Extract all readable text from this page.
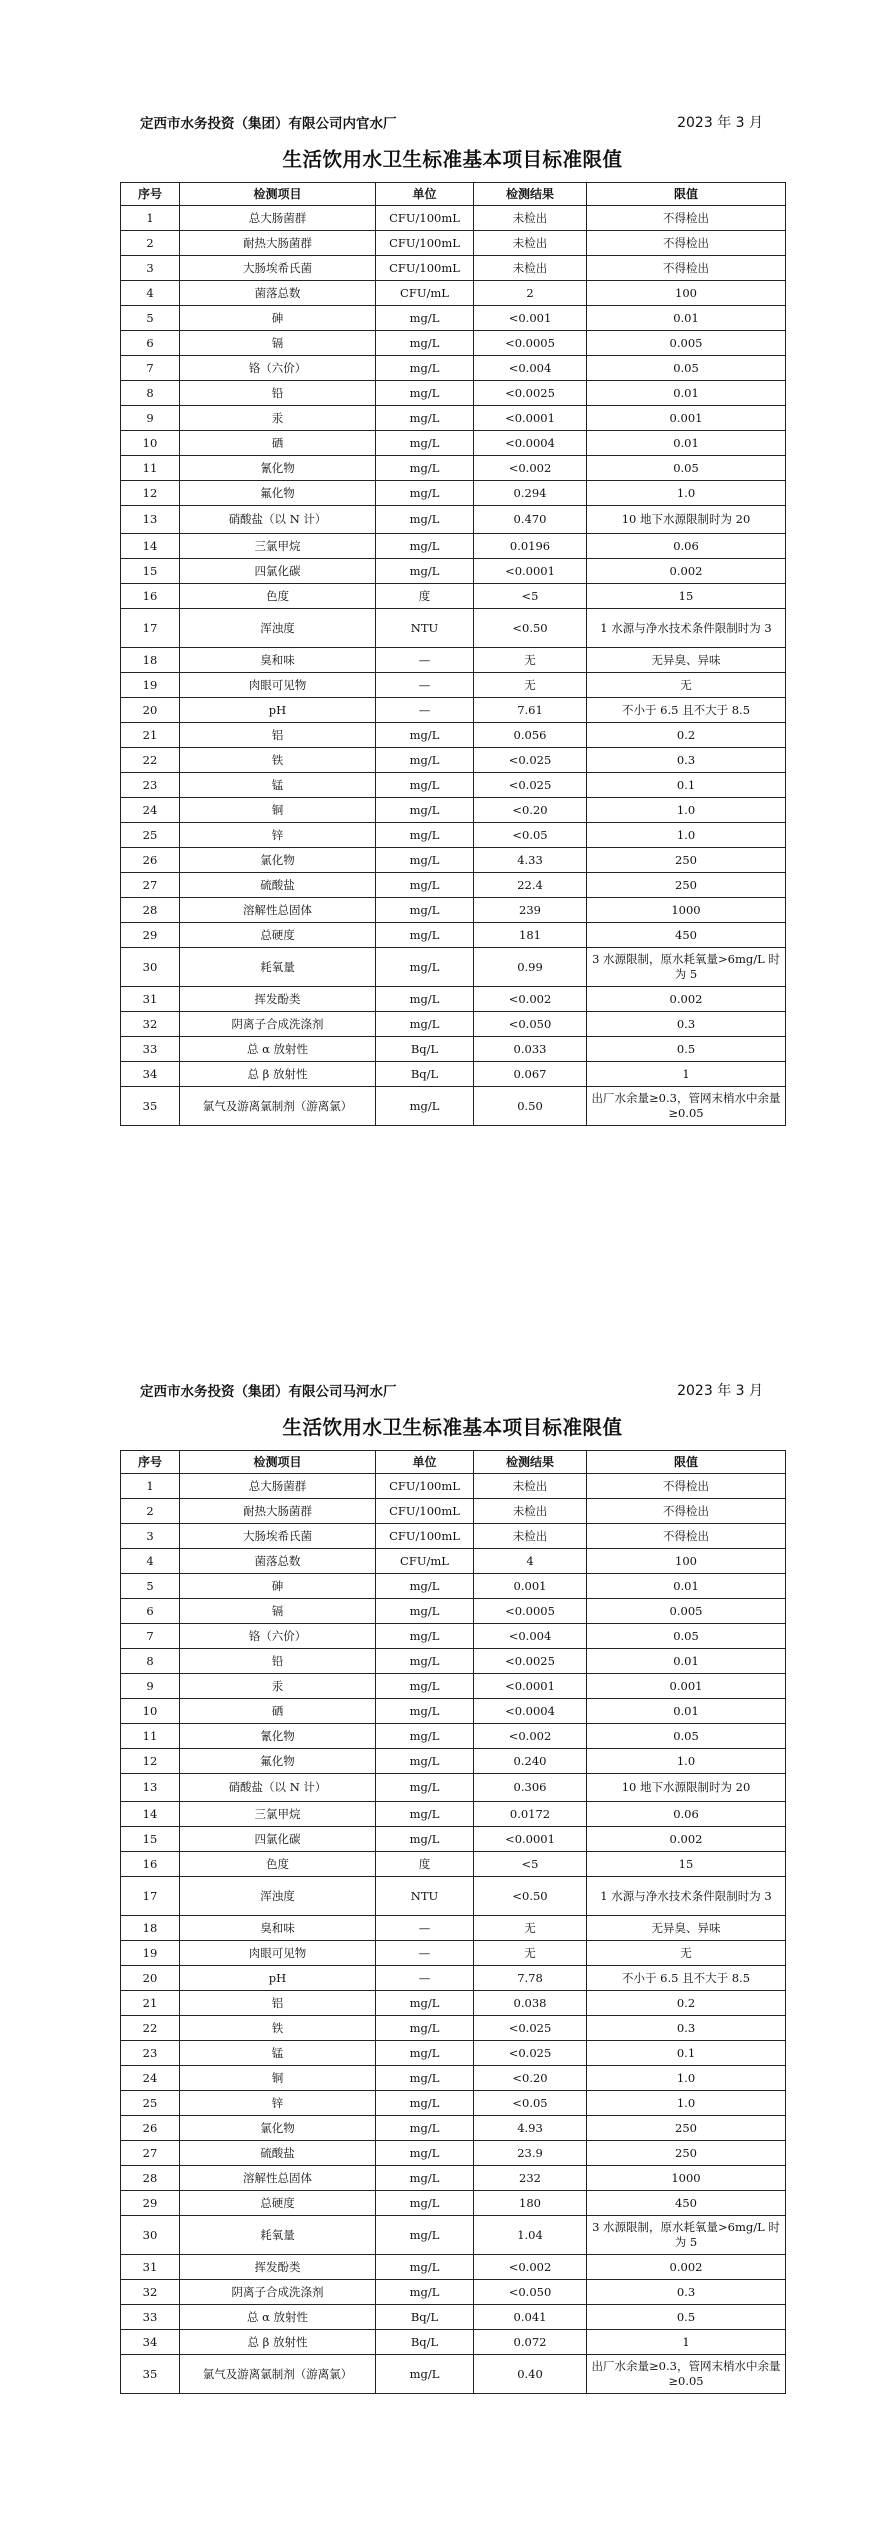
定西市水务投资（集团）有限公司内官水厂	2023 年 3 月
生活饮用水卫生标准基本项目标准限值
序号	检测项目	单位	检测结果	限值
1	总大肠菌群	CFU/100mL	未检出	不得检出
2	耐热大肠菌群	CFU/100mL	未检出	不得检出
3	大肠埃希氏菌	CFU/100mL	未检出	不得检出
4	菌落总数	CFU/mL	2	100
5	砷	mg/L	<0.001	0.01
6	镉	mg/L	<0.0005	0.005
7	铬（六价）	mg/L	<0.004	0.05
8	铅	mg/L	<0.0025	0.01
9	汞	mg/L	<0.0001	0.001
10	硒	mg/L	<0.0004	0.01
11	氰化物	mg/L	<0.002	0.05
12	氟化物	mg/L	0.294	1.0
13	硝酸盐（以 N 计）	mg/L	0.470	10 地下水源限制时为 20
14	三氯甲烷	mg/L	0.0196	0.06
15	四氯化碳	mg/L	<0.0001	0.002
16	色度	度	<5	15
17	浑浊度	NTU	<0.50	1 水源与净水技术条件限制时为 3
18	臭和味	—	无	无异臭、异味
19	肉眼可见物	—	无	无
20	pH	—	7.61	不小于 6.5 且不大于 8.5
21	铝	mg/L	0.056	0.2
22	铁	mg/L	<0.025	0.3
23	锰	mg/L	<0.025	0.1
24	铜	mg/L	<0.20	1.0
25	锌	mg/L	<0.05	1.0
26	氯化物	mg/L	4.33	250
27	硫酸盐	mg/L	22.4	250
28	溶解性总固体	mg/L	239	1000
29	总硬度	mg/L	181	450
30	耗氧量	mg/L	0.99	3 水源限制，原水耗氧量>6mg/L 时为 5
31	挥发酚类	mg/L	<0.002	0.002
32	阴离子合成洗涤剂	mg/L	<0.050	0.3
33	总 α 放射性	Bq/L	0.033	0.5
34	总 β 放射性	Bq/L	0.067	1
35	氯气及游离氯制剂（游离氯）	mg/L	0.50	出厂水余量≥0.3，管网末梢水中余量≥0.05
定西市水务投资（集团）有限公司马河水厂	2023 年 3 月
生活饮用水卫生标准基本项目标准限值
序号	检测项目	单位	检测结果	限值
1	总大肠菌群	CFU/100mL	未检出	不得检出
2	耐热大肠菌群	CFU/100mL	未检出	不得检出
3	大肠埃希氏菌	CFU/100mL	未检出	不得检出
4	菌落总数	CFU/mL	4	100
5	砷	mg/L	0.001	0.01
6	镉	mg/L	<0.0005	0.005
7	铬（六价）	mg/L	<0.004	0.05
8	铅	mg/L	<0.0025	0.01
9	汞	mg/L	<0.0001	0.001
10	硒	mg/L	<0.0004	0.01
11	氰化物	mg/L	<0.002	0.05
12	氟化物	mg/L	0.240	1.0
13	硝酸盐（以 N 计）	mg/L	0.306	10 地下水源限制时为 20
14	三氯甲烷	mg/L	0.0172	0.06
15	四氯化碳	mg/L	<0.0001	0.002
16	色度	度	<5	15
17	浑浊度	NTU	<0.50	1 水源与净水技术条件限制时为 3
18	臭和味	—	无	无异臭、异味
19	肉眼可见物	—	无	无
20	pH	—	7.78	不小于 6.5 且不大于 8.5
21	铝	mg/L	0.038	0.2
22	铁	mg/L	<0.025	0.3
23	锰	mg/L	<0.025	0.1
24	铜	mg/L	<0.20	1.0
25	锌	mg/L	<0.05	1.0
26	氯化物	mg/L	4.93	250
27	硫酸盐	mg/L	23.9	250
28	溶解性总固体	mg/L	232	1000
29	总硬度	mg/L	180	450
30	耗氧量	mg/L	1.04	3 水源限制，原水耗氧量>6mg/L 时为 5
31	挥发酚类	mg/L	<0.002	0.002
32	阴离子合成洗涤剂	mg/L	<0.050	0.3
33	总 α 放射性	Bq/L	0.041	0.5
34	总 β 放射性	Bq/L	0.072	1
35	氯气及游离氯制剂（游离氯）	mg/L	0.40	出厂水余量≥0.3，管网末梢水中余量≥0.05
